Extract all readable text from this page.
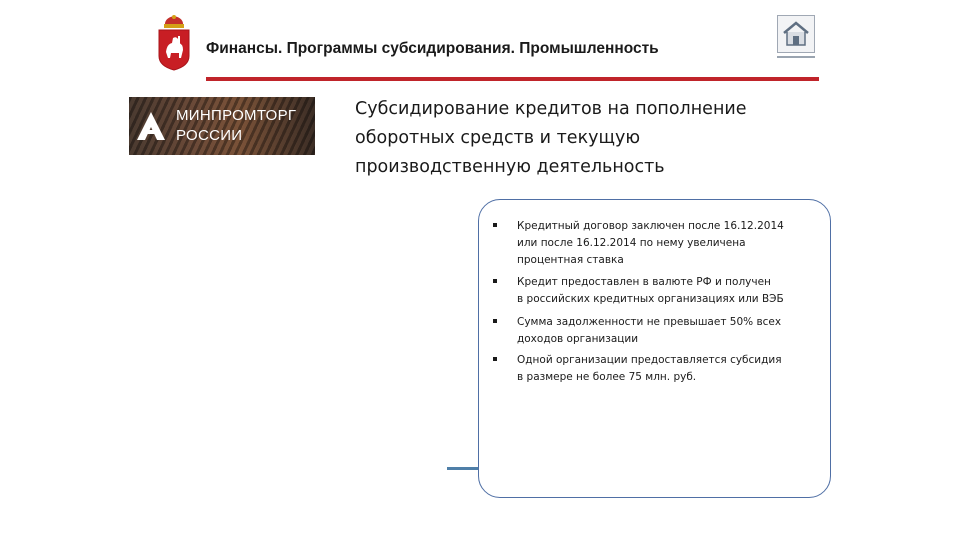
Финансы. Программы субсидирования. Промышленность
МИНПРОМТОРГ
РОССИИ
Субсидирование кредитов на пополнение
оборотных средств и текущую
производственную деятельность
Кредитный договор заключен после 16.12.2014
или после 16.12.2014 по нему увеличена
процентная ставка
Кредит предоставлен в валюте РФ и получен
в российских кредитных организациях или ВЭБ
Сумма задолженности не превышает 50% всех
доходов организации
Одной организации предоставляется субсидия
в размере не более 75 млн. руб.
